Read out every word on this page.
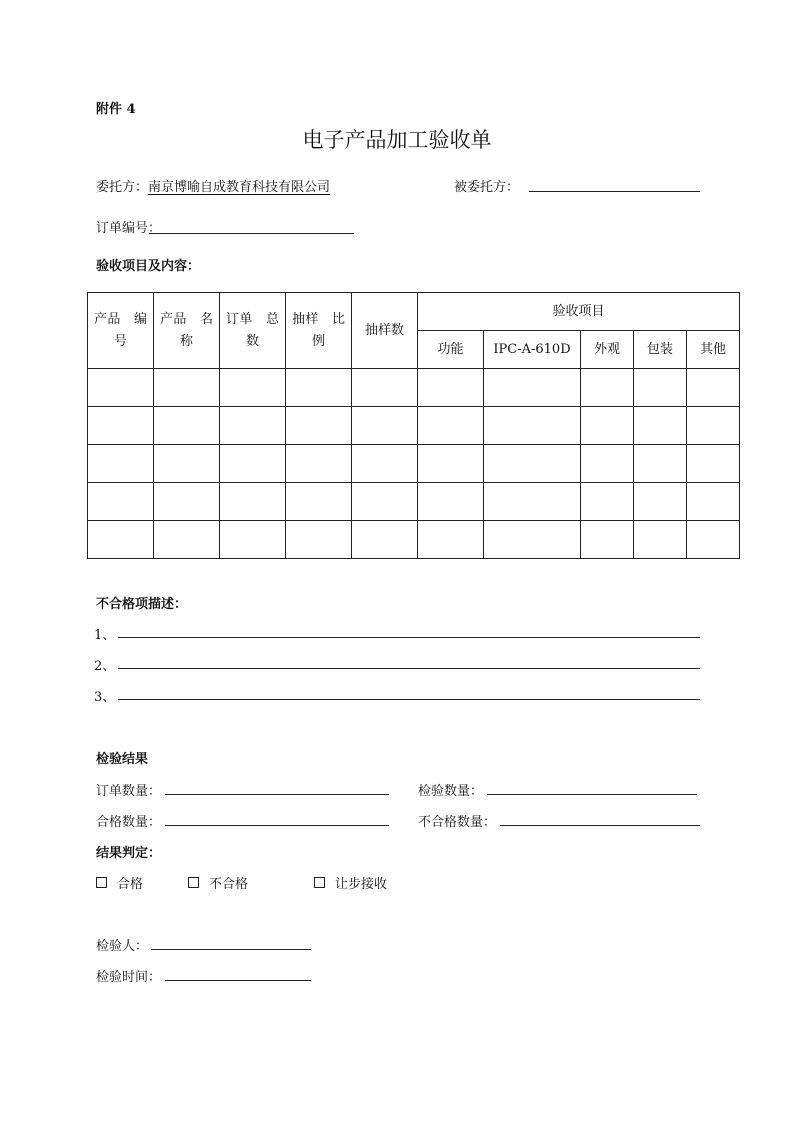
附件 4
电子产品加工验收单
委托方：南京博喻自成教育科技有限公司	被委托方：
订单编号：
验收项目及内容：
产品　编
号	产品　名
称	订单　总
数	抽样　比
例	抽样数	验收项目				
					功能	IPC-A-610D	外观	包装	其他

不合格项描述：
1、
2、
3、
检验结果
订单数量：	检验数量：
合格数量：	不合格数量：
结果判定：
合格	不合格	让步接收
检验人：
检验时间：
